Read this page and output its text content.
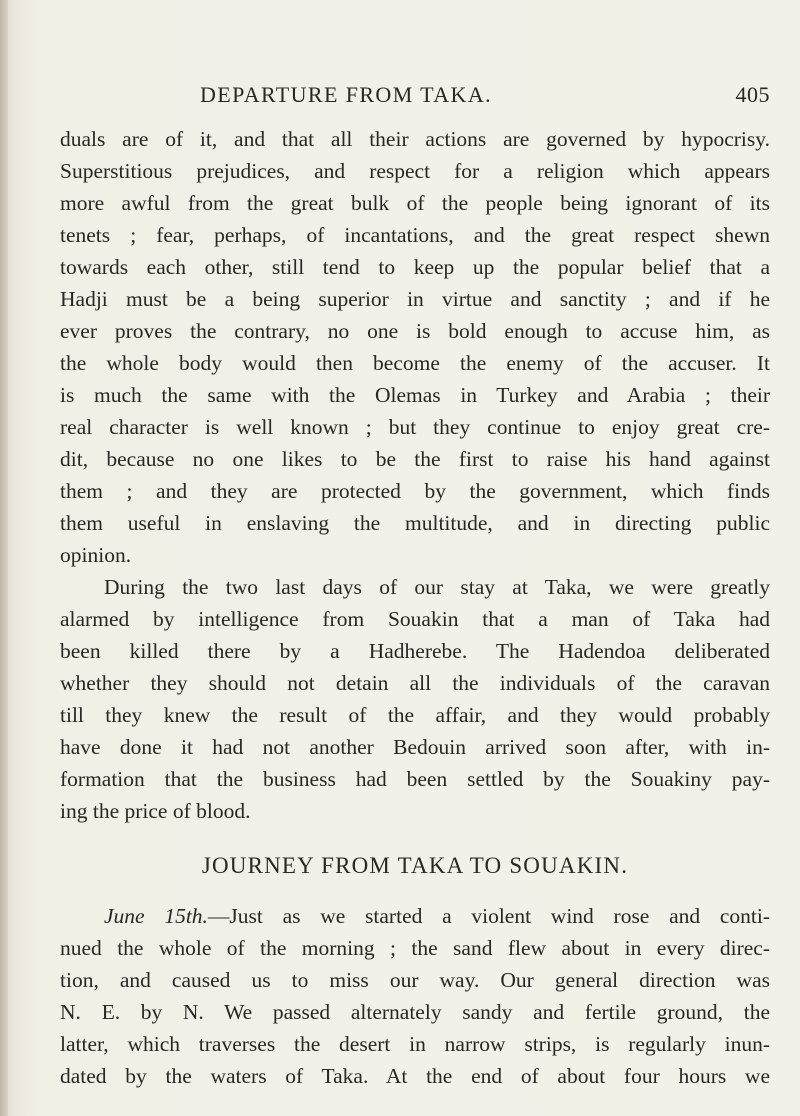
DEPARTURE FROM TAKA.	405
duals are of it, and that all their actions are governed by hypocrisy.
Superstitious prejudices, and respect for a religion which appears
more awful from the great bulk of the people being ignorant of its
tenets ; fear, perhaps, of incantations, and the great respect shewn
towards each other, still tend to keep up the popular belief that a
Hadji must be a being superior in virtue and sanctity ; and if he
ever proves the contrary, no one is bold enough to accuse him, as
the whole body would then become the enemy of the accuser. It
is much the same with the Olemas in Turkey and Arabia ; their
real character is well known ; but they continue to enjoy great cre-
dit, because no one likes to be the first to raise his hand against
them ; and they are protected by the government, which finds
them useful in enslaving the multitude, and in directing public
opinion.
During the two last days of our stay at Taka, we were greatly
alarmed by intelligence from Souakin that a man of Taka had
been killed there by a Hadherebe. The Hadendoa deliberated
whether they should not detain all the individuals of the caravan
till they knew the result of the affair, and they would probably
have done it had not another Bedouin arrived soon after, with in-
formation that the business had been settled by the Souakiny pay-
ing the price of blood.
JOURNEY FROM TAKA TO SOUAKIN.
June 15th.—Just as we started a violent wind rose and conti-
nued the whole of the morning ; the sand flew about in every direc-
tion, and caused us to miss our way. Our general direction was
N. E. by N. We passed alternately sandy and fertile ground, the
latter, which traverses the desert in narrow strips, is regularly inun-
dated by the waters of Taka. At the end of about four hours we
